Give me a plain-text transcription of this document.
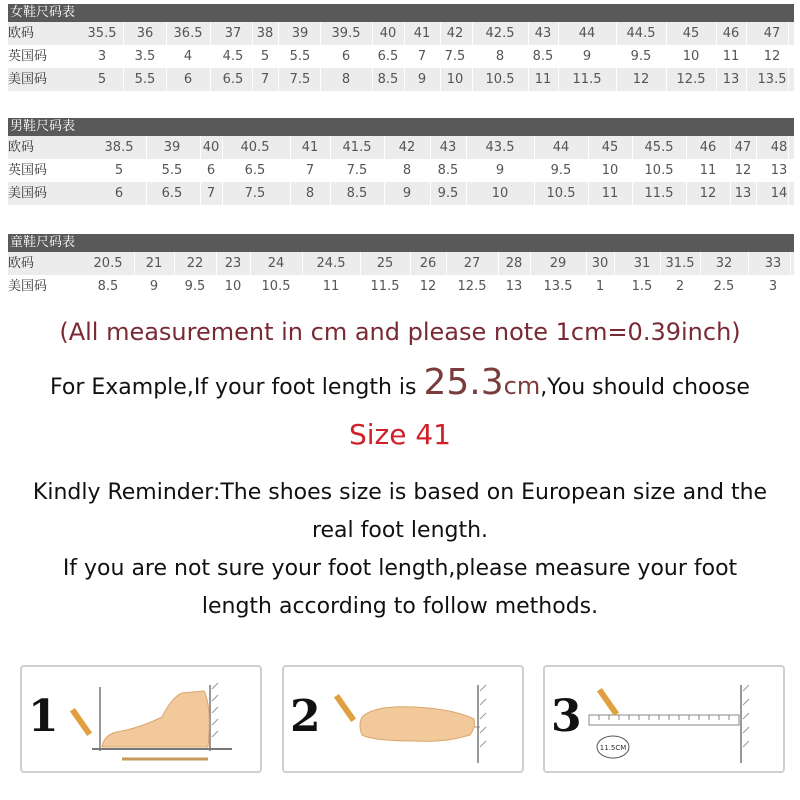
女鞋尺码表
欧码	35.5 36 36.5 37 38 39 39.5 40 41 42 42.5 43 44 44.5 45 46 47
英国码	3 3.5 4 4.5 5 5.5 6 6.5 7 7.5 8 8.5 9	9.5 10 11 12
美国码	5 5.5 6 6.5 7 7.5 8 8.5 9 10 10.5 11 11.5 12 12.5 13 13.5
男鞋尺码表
欧码	38.5 39 40 40.5 41 41.5 42 43 43.5	44 45 45.5 46 47 48
英国码	5	5.5 6 6.5	7	7.5	8 8.5	9	9.5 10 10.5 11 12 13
美国码	6	6.5 7 7.5	8	8.5	9 9.5	10	10.5 11 11.5 12 13 14
童鞋尺码表
欧码	20.5 21 22 23 24 24.5 25 26 27 28 29 30 31 31.5 32 33
美国码	8.5 9 9.5 10 10.5 11 11.5 12 12.5 13 13.5 1 1.5 2 2.5	3
(All measurement in cm and please note 1cm=0.39inch)
For Example,If your foot length is 25.3cm,You should choose
Size 41
Kindly Reminder:The shoes size is based on European size and the
real foot length.
If you are not sure your foot length,please measure your foot
length according to follow methods.
1	2	3
11.5CM
